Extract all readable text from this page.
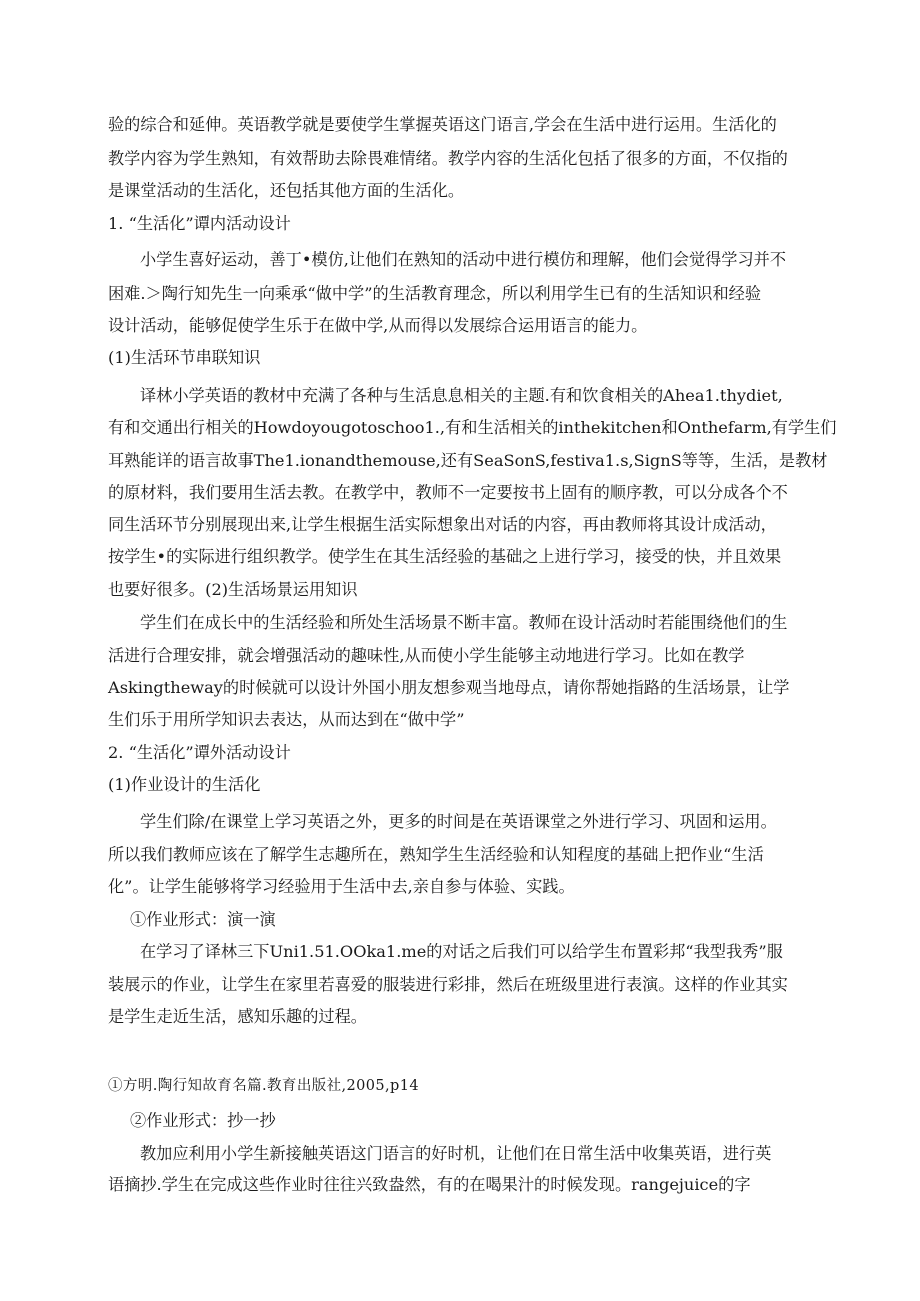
验的综合和延伸。英语教学就是要使学生掌握英语这门语言,学会在生活中进行运用。生活化的
教学内容为学生熟知，有效帮助去除畏难情绪。教学内容的生活化包括了很多的方面，不仅指的
是课堂活动的生活化，还包括其他方面的生活化。
1. “生活化”谭内活动设计
小学生喜好运动，善丁•模仿,让他们在熟知的活动中进行模仿和理解，他们会觉得学习并不
困难.＞陶行知先生一向乘承“做中学”的生活教育理念，所以利用学生已有的生活知识和经验
设计活动，能够促使学生乐于在做中学,从而得以发展综合运用语言的能力。
(1)生活环节串联知识
译林小学英语的教材中充满了各种与生活息息相关的主题.有和饮食相关的Ahea1.thydiet,
有和交通出行相关的Howdoyougotoschoo1.,有和生活相关的inthekitchen和Onthefarm,有学生们
耳熟能详的语言故事The1.ionandthemouse,还有SeaSonS,festiva1.s,SignS等等，生活，是教材
的原材料，我们要用生活去教。在教学中，教师不一定要按书上固有的顺序教，可以分成各个不
同生活环节分别展现出来,让学生根据生活实际想象出对话的内容，再由教师将其设计成活动，
按学生•的实际进行组织教学。使学生在其生活经验的基础之上进行学习，接受的快，并且效果
也要好很多。(2)生活场景运用知识
学生们在成长中的生活经验和所处生活场景不断丰富。教师在设计活动时若能围绕他们的生
活进行合理安排，就会增强活动的趣味性,从而使小学生能够主动地进行学习。比如在教学
Askingtheway的时候就可以设计外国小朋友想参观当地母点，请你帮她指路的生活场景，让学
生们乐于用所学知识去表达，从而达到在“做中学”
2. “生活化”谭外活动设计
(1)作业设计的生活化
学生们除/在课堂上学习英语之外，更多的时间是在英语课堂之外进行学习、巩固和运用。
所以我们教师应该在了解学生志趣所在，熟知学生生活经验和认知程度的基础上把作业“生活
化”。让学生能够将学习经验用于生活中去,亲自参与体验、实践。
①作业形式：演一演
在学习了译林三下Uni1.51.OOka1.me的对话之后我们可以给学生布置彩邦“我型我秀”服
装展示的作业，让学生在家里若喜爱的服装进行彩排，然后在班级里进行表演。这样的作业其实
是学生走近生活，感知乐趣的过程。
①方明.陶行知故育名篇.教育出版社,2005,p14
②作业形式：抄一抄
教加应利用小学生新接触英语这门语言的好时机，让他们在日常生活中收集英语，进行英
语摘抄.学生在完成这些作业时往往兴致盎然，有的在喝果汁的时候发现。rangejuice的字
